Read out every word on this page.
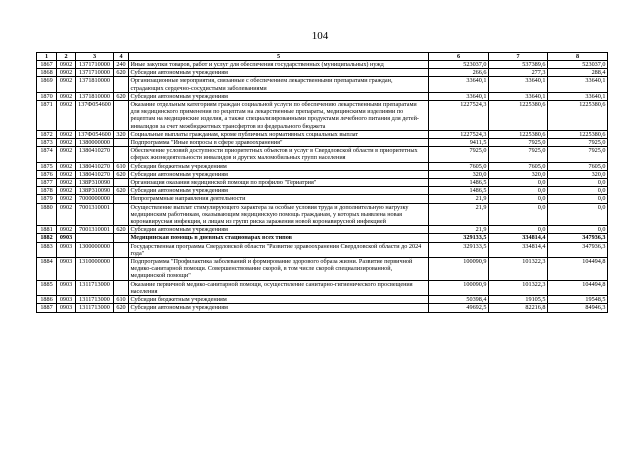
104
1	2	3	4	5	6	7	8
1867	0902	1371710000	240	Иные закупки товаров, работ и услуг для обеспечения государственных (муниципальных) нужд	523037,0	537389,6	523037,0
1868	0902	1371710000	620	Субсидии автономным учреждениям	266,6	277,3	288,4
1869	0902	1371810000		Организационные мероприятия, связанные с обеспечением лекарственными препаратами граждан, страдающих сердечно-сосудистыми заболеваниями	33640,1	33640,1	33640,1
1870	0902	1371810000	620	Субсидии автономным учреждениям	33640,1	33640,1	33640,1
1871	0902	137Ф054600		Оказание отдельным категориям граждан социальной услуги по обеспечению лекарственными препаратами для медицинского применения по рецептам на лекарственные препараты, медицинскими изделиями по рецептам на медицинские изделия, а также специализированными продуктами лечебного питания для детей-инвалидов за счет межбюджетных трансфертов из федерального бюджета	1227524,3	1225380,6	1225380,6
1872	0902	137Ф054600	320	Социальные выплаты гражданам, кроме публичных нормативных социальных выплат	1227524,3	1225380,6	1225380,6
1873	0902	1380000000		Подпрограмма "Иные вопросы в сфере здравоохранения"	9411,5	7925,0	7925,0
1874	0902	1380410270		Обеспечение условий доступности приоритетных объектов и услуг в Свердловской области в приоритетных сферах жизнедеятельности инвалидов и других маломобильных групп населения	7925,0	7925,0	7925,0
1875	0902	1380410270	610	Субсидии бюджетным учреждениям	7605,0	7605,0	7605,0
1876	0902	1380410270	620	Субсидии автономным учреждениям	320,0	320,0	320,0
1877	0902	138Р310090		Организация оказания медицинской помощи по профилю "Гериатрия"	1486,5	0,0	0,0
1878	0902	138Р310090	620	Субсидии автономным учреждениям	1486,5	0,0	0,0
1879	0902	7000000000		Непрограммные направления деятельности	21,9	0,0	0,0
1880	0902	7001310001		Осуществление выплат стимулирующего характера за особые условия труда и дополнительную нагрузку медицинским работникам, оказывающим медицинскую помощь гражданам, у которых выявлена новая коронавирусная инфекция, и лицам из групп риска заражения новой коронавирусной инфекцией	21,9	0,0	0,0
1881	0902	7001310001	620	Субсидии автономным учреждениям	21,9	0,0	0,0
1882	0903			Медицинская помощь в дневных стационарах всех типов	329133,5	334814,4	347936,3
1883	0903	1300000000		Государственная программа Свердловской области "Развитие здравоохранения Свердловской области до 2024 года"	329133,5	334814,4	347936,3
1884	0903	1310000000		Подпрограмма "Профилактика заболеваний и формирование здорового образа жизни. Развитие первичной медико-санитарной помощи. Совершенствование скорой, в том числе скорой специализированной, медицинской помощи"	100090,9	101322,3	104494,8
1885	0903	1311713000		Оказание первичной медико-санитарной помощи, осуществление санитарно-гигиенического просвещения населения	100090,9	101322,3	104494,8
1886	0903	1311713000	610	Субсидии бюджетным учреждениям	50398,4	19105,5	19548,5
1887	0903	1311713000	620	Субсидии автономным учреждениям	49692,5	82216,8	84946,3
